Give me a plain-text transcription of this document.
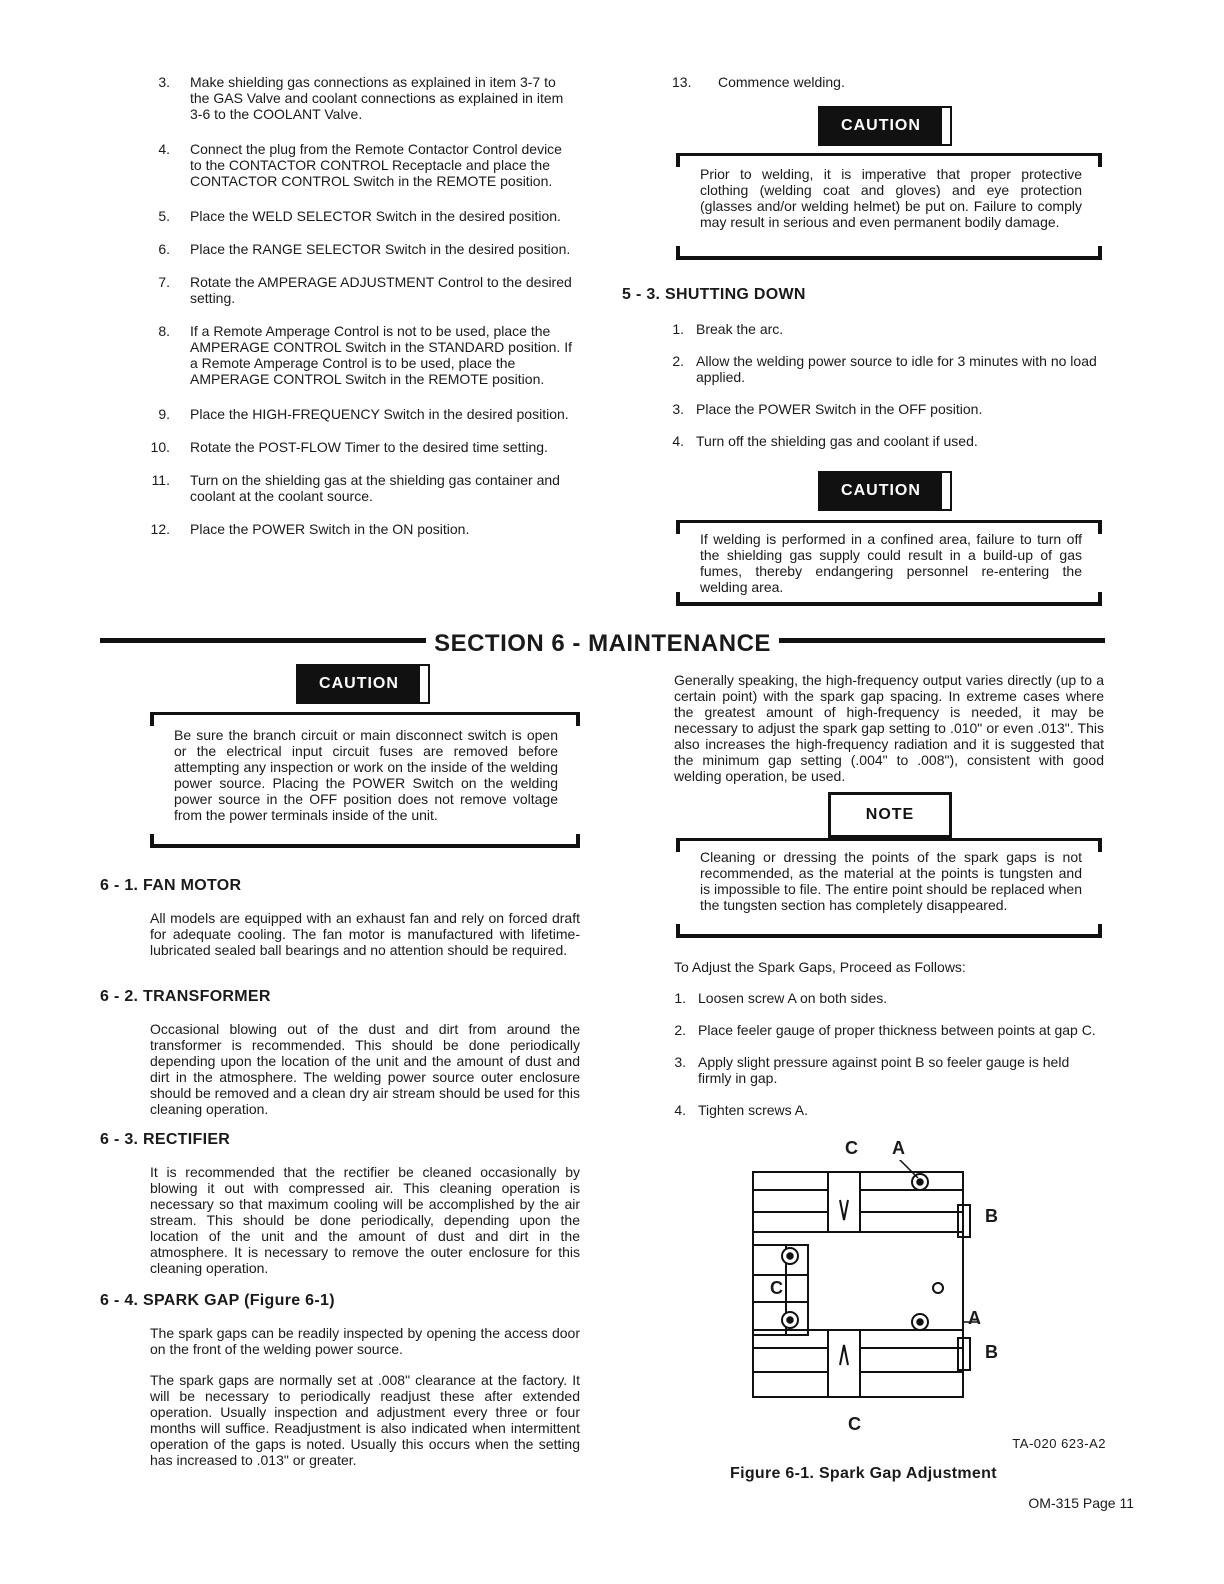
3. Make shielding gas connections as explained in item 3-7 to the GAS Valve and coolant connections as explained in item 3-6 to the COOLANT Valve.
4. Connect the plug from the Remote Contactor Control device to the CONTACTOR CONTROL Receptacle and place the CONTACTOR CONTROL Switch in the REMOTE position.
5. Place the WELD SELECTOR Switch in the desired position.
6. Place the RANGE SELECTOR Switch in the desired position.
7. Rotate the AMPERAGE ADJUSTMENT Control to the desired setting.
8. If a Remote Amperage Control is not to be used, place the AMPERAGE CONTROL Switch in the STANDARD position. If a Remote Amperage Control is to be used, place the AMPERAGE CONTROL Switch in the REMOTE position.
9. Place the HIGH-FREQUENCY Switch in the desired position.
10. Rotate the POST-FLOW Timer to the desired time setting.
11. Turn on the shielding gas at the shielding gas container and coolant at the coolant source.
12. Place the POWER Switch in the ON position.
13. Commence welding.
CAUTION
Prior to welding, it is imperative that proper protective clothing (welding coat and gloves) and eye protection (glasses and/or welding helmet) be put on. Failure to comply may result in serious and even permanent bodily damage.
5 - 3. SHUTTING DOWN
1. Break the arc.
2. Allow the welding power source to idle for 3 minutes with no load applied.
3. Place the POWER Switch in the OFF position.
4. Turn off the shielding gas and coolant if used.
CAUTION
If welding is performed in a confined area, failure to turn off the shielding gas supply could result in a build-up of gas fumes, thereby endangering personnel re-entering the welding area.
SECTION 6 - MAINTENANCE
CAUTION
Be sure the branch circuit or main disconnect switch is open or the electrical input circuit fuses are removed before attempting any inspection or work on the inside of the welding power source. Placing the POWER Switch on the welding power source in the OFF position does not remove voltage from the power terminals inside of the unit.
6 - 1. FAN MOTOR
All models are equipped with an exhaust fan and rely on forced draft for adequate cooling. The fan motor is manufactured with lifetime-lubricated sealed ball bearings and no attention should be required.
6 - 2. TRANSFORMER
Occasional blowing out of the dust and dirt from around the transformer is recommended. This should be done periodically depending upon the location of the unit and the amount of dust and dirt in the atmosphere. The welding power source outer enclosure should be removed and a clean dry air stream should be used for this cleaning operation.
6 - 3. RECTIFIER
It is recommended that the rectifier be cleaned occasionally by blowing it out with compressed air. This cleaning operation is necessary so that maximum cooling will be accomplished by the air stream. This should be done periodically, depending upon the location of the unit and the amount of dust and dirt in the atmosphere. It is necessary to remove the outer enclosure for this cleaning operation.
6 - 4. SPARK GAP (Figure 6-1)
The spark gaps can be readily inspected by opening the access door on the front of the welding power source.
The spark gaps are normally set at .008" clearance at the factory. It will be necessary to periodically readjust these after extended operation. Usually inspection and adjustment every three or four months will suffice. Readjustment is also indicated when intermittent operation of the gaps is noted. Usually this occurs when the setting has increased to .013" or greater.
Generally speaking, the high-frequency output varies directly (up to a certain point) with the spark gap spacing. In extreme cases where the greatest amount of high-frequency is needed, it may be necessary to adjust the spark gap setting to .010" or even .013". This also increases the high-frequency radiation and it is suggested that the minimum gap setting (.004" to .008"), consistent with good welding operation, be used.
NOTE
Cleaning or dressing the points of the spark gaps is not recommended, as the material at the points is tungsten and is impossible to file. The entire point should be replaced when the tungsten section has completely disappeared.
To Adjust the Spark Gaps, Proceed as Follows:
1. Loosen screw A on both sides.
2. Place feeler gauge of proper thickness between points at gap C.
3. Apply slight pressure against point B so feeler gauge is held firmly in gap.
4. Tighten screws A.
C A
B
C
A
B
C
TA-020 623-A2
Figure 6-1. Spark Gap Adjustment
OM-315 Page 11
